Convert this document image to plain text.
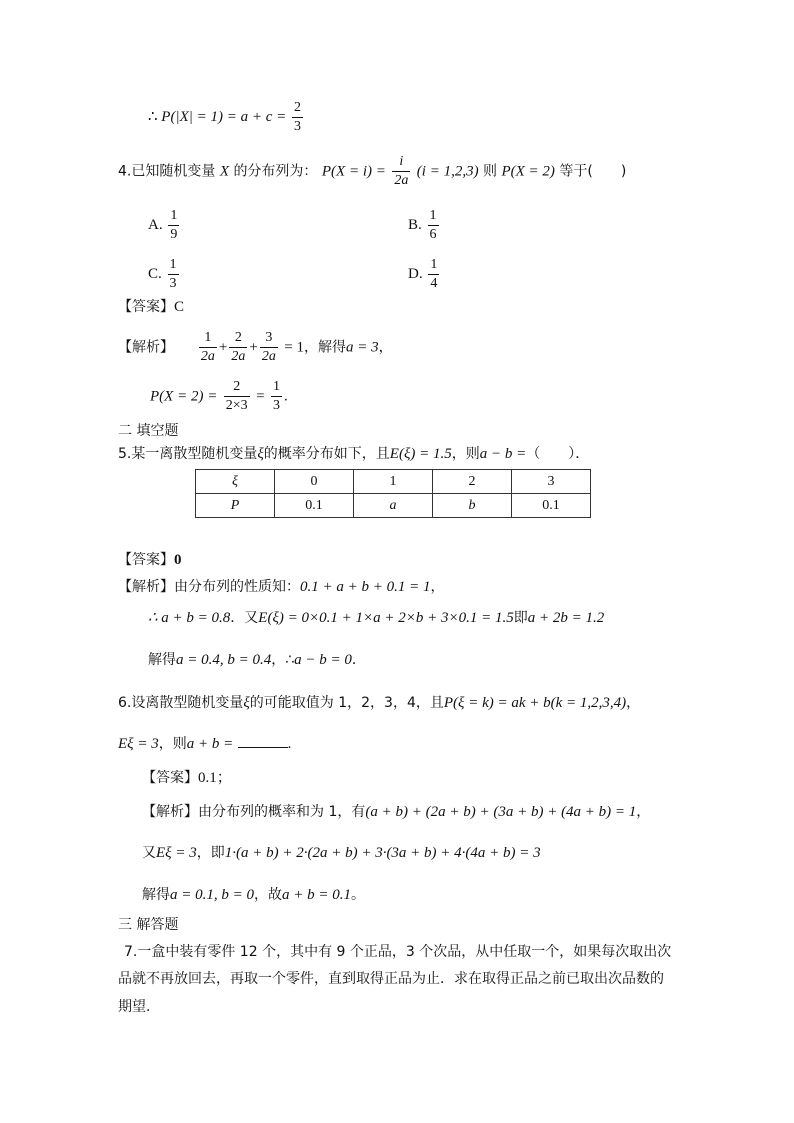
∴ $P(|X| = 1) = a + c = \frac{2}{3}$
4.已知随机变量 X 的分布列为： $P(X = i) = \frac{i}{2a} (i = 1,2,3)$ 则 P(X = 2) 等于(　　)
A. $\frac{1}{9}$	B. $\frac{1}{6}$
C. $\frac{1}{3}$	D. $\frac{1}{4}$
【答案】C
【解析】 $\frac{1}{2a} + \frac{2}{2a} + \frac{3}{2a} = 1$，解得a = 3，
$P(X = 2) = \frac{2}{2\times 3} = \frac{1}{3}$ .
二 填空题
5.某一离散型随机变量ξ的概率分布如下，且E(ξ) = 1.5，则a − b =（　　）．
ξ	0	1	2	3
P	0.1	a	b	0.1
【答案】0
【解析】由分布列的性质知：0.1 + a + b + 0.1 = 1，
∴ a + b = 0.8．又E(ξ) = 0×0.1 + 1×a + 2×b + 3×0.1 = 1.5即a + 2b = 1.2
解得a = 0.4, b = 0.4，∴a − b = 0．
6.设离散型随机变量ξ的可能取值为 1，2，3，4，且P(ξ = k) = ak + b(k = 1,2,3,4)，
Eξ = 3，则a + b =	.
【答案】0.1；
【解析】由分布列的概率和为 1，有(a + b) + (2a + b) + (3a + b) + (4a + b) = 1，
又Eξ = 3，即1·(a + b) + 2·(2a + b) + 3·(3a + b) + 4·(4a + b) = 3
解得a = 0.1, b = 0，故a + b = 0.1。
三 解答题
7.一盒中装有零件 12 个，其中有 9 个正品，3 个次品，从中任取一个，如果每次取出次
品就不再放回去，再取一个零件，直到取得正品为止．求在取得正品之前已取出次品数的
期望．
